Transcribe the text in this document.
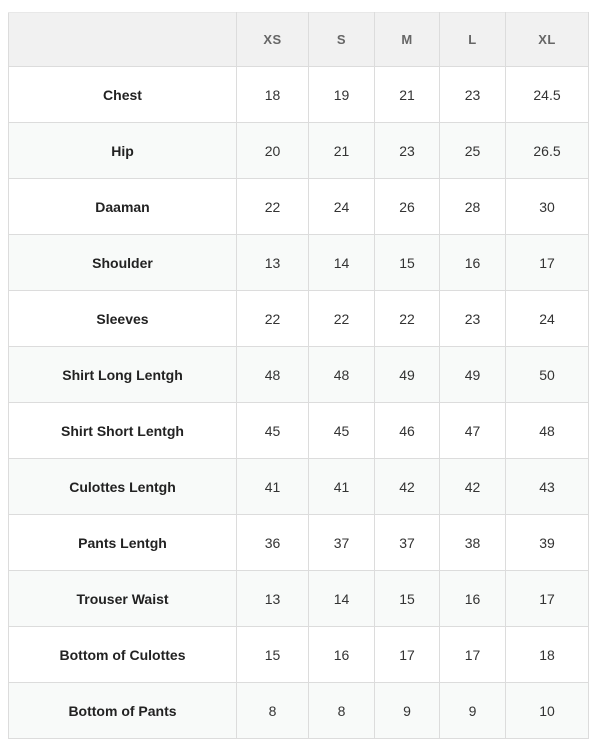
	XS	S	M	L	XL
Chest	18	19	21	23	24.5
Hip	20	21	23	25	26.5
Daaman	22	24	26	28	30
Shoulder	13	14	15	16	17
Sleeves	22	22	22	23	24
Shirt Long Lentgh	48	48	49	49	50
Shirt Short Lentgh	45	45	46	47	48
Culottes Lentgh	41	41	42	42	43
Pants Lentgh	36	37	37	38	39
Trouser Waist	13	14	15	16	17
Bottom of Culottes	15	16	17	17	18
Bottom of Pants	8	8	9	9	10
